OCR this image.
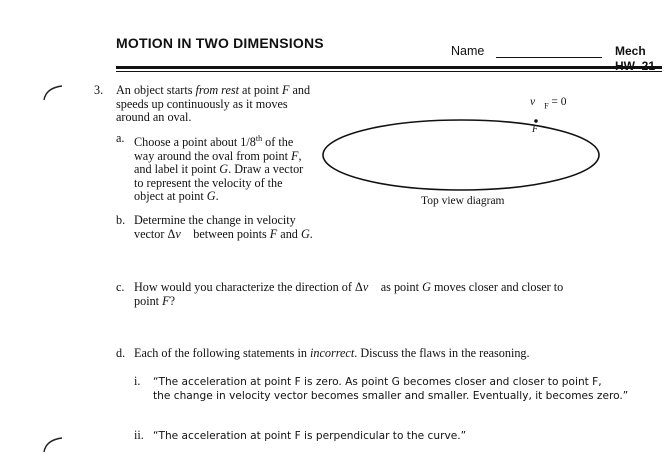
MOTION IN TWO DIMENSIONS	Name	Mech
3. An object starts from rest at point F and
speeds up continuously as it moves
around an oval.
a. Choose a point about 1/8th of the
way around the oval from point F,
and label it point G. Draw a vector
to represent the velocity of the
object at point G.
$v⃗_F = 0$
F
Top view diagram
b. Determine the change in velocity
vector Δv⃗ between points F and G.
c. How would you characterize the direction of Δv⃗ as point G moves closer and closer to
point F?
d. Each of the following statements in incorrect. Discuss the flaws in the reasoning.
i. “The acceleration at point F is zero. As point G becomes closer and closer to point F,
the change in velocity vector becomes smaller and smaller. Eventually, it becomes zero.”
ii. “The acceleration at point F is perpendicular to the curve.”
